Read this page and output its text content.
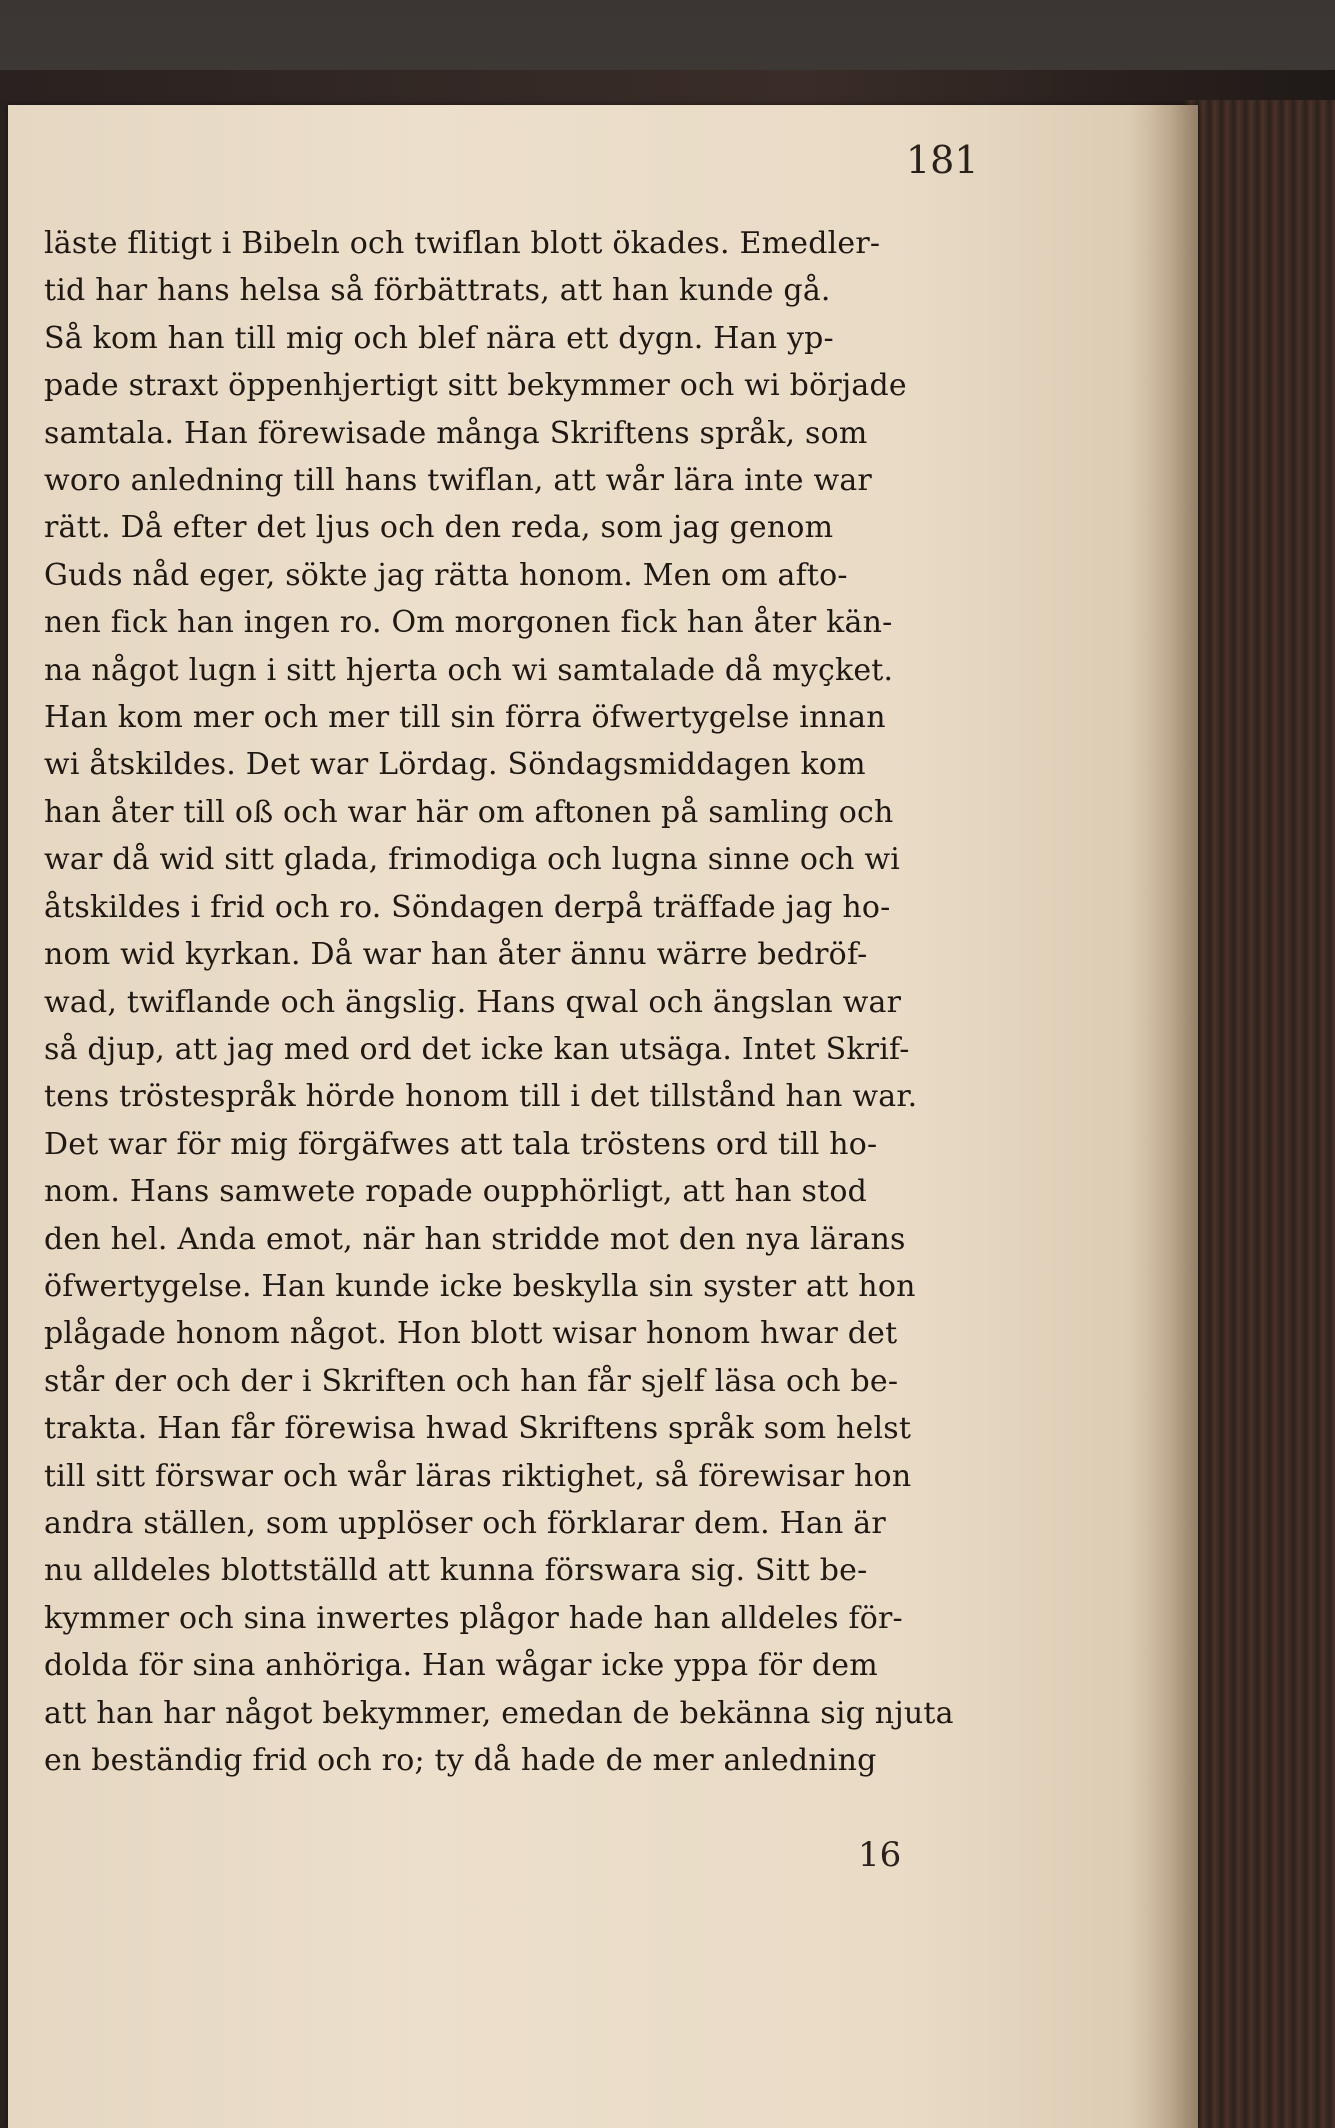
181
läste flitigt i Bibeln och twiflan blott ökades. Emedler-
tid har hans helsa så förbättrats, att han kunde gå.
Så kom han till mig och blef nära ett dygn. Han yp-
pade straxt öppenhjertigt sitt bekymmer och wi började
samtala. Han förewisade många Skriftens språk, som
woro anledning till hans twiflan, att wår lära inte war
rätt. Då efter det ljus och den reda, som jag genom
Guds nåd eger, sökte jag rätta honom. Men om afto-
nen fick han ingen ro. Om morgonen fick han åter kän-
na något lugn i sitt hjerta och wi samtalade då myçket.
Han kom mer och mer till sin förra öfwertygelse innan
wi åtskildes. Det war Lördag. Söndagsmiddagen kom
han åter till oß och war här om aftonen på samling och
war då wid sitt glada, frimodiga och lugna sinne och wi
åtskildes i frid och ro. Söndagen derpå träffade jag ho-
nom wid kyrkan. Då war han åter ännu wärre bedröf-
wad, twiflande och ängslig. Hans qwal och ängslan war
så djup, att jag med ord det icke kan utsäga. Intet Skrif-
tens tröstespråk hörde honom till i det tillstånd han war.
Det war för mig förgäfwes att tala tröstens ord till ho-
nom. Hans samwete ropade oupphörligt, att han stod
den hel. Anda emot, när han stridde mot den nya lärans
öfwertygelse. Han kunde icke beskylla sin syster att hon
plågade honom något. Hon blott wisar honom hwar det
står der och der i Skriften och han får sjelf läsa och be-
trakta. Han får förewisa hwad Skriftens språk som helst
till sitt förswar och wår läras riktighet, så förewisar hon
andra ställen, som upplöser och förklarar dem. Han är
nu alldeles blottställd att kunna förswara sig. Sitt be-
kymmer och sina inwertes plågor hade han alldeles för-
dolda för sina anhöriga. Han wågar icke yppa för dem
att han har något bekymmer, emedan de bekänna sig njuta
en beständig frid och ro; ty då hade de mer anledning
16
